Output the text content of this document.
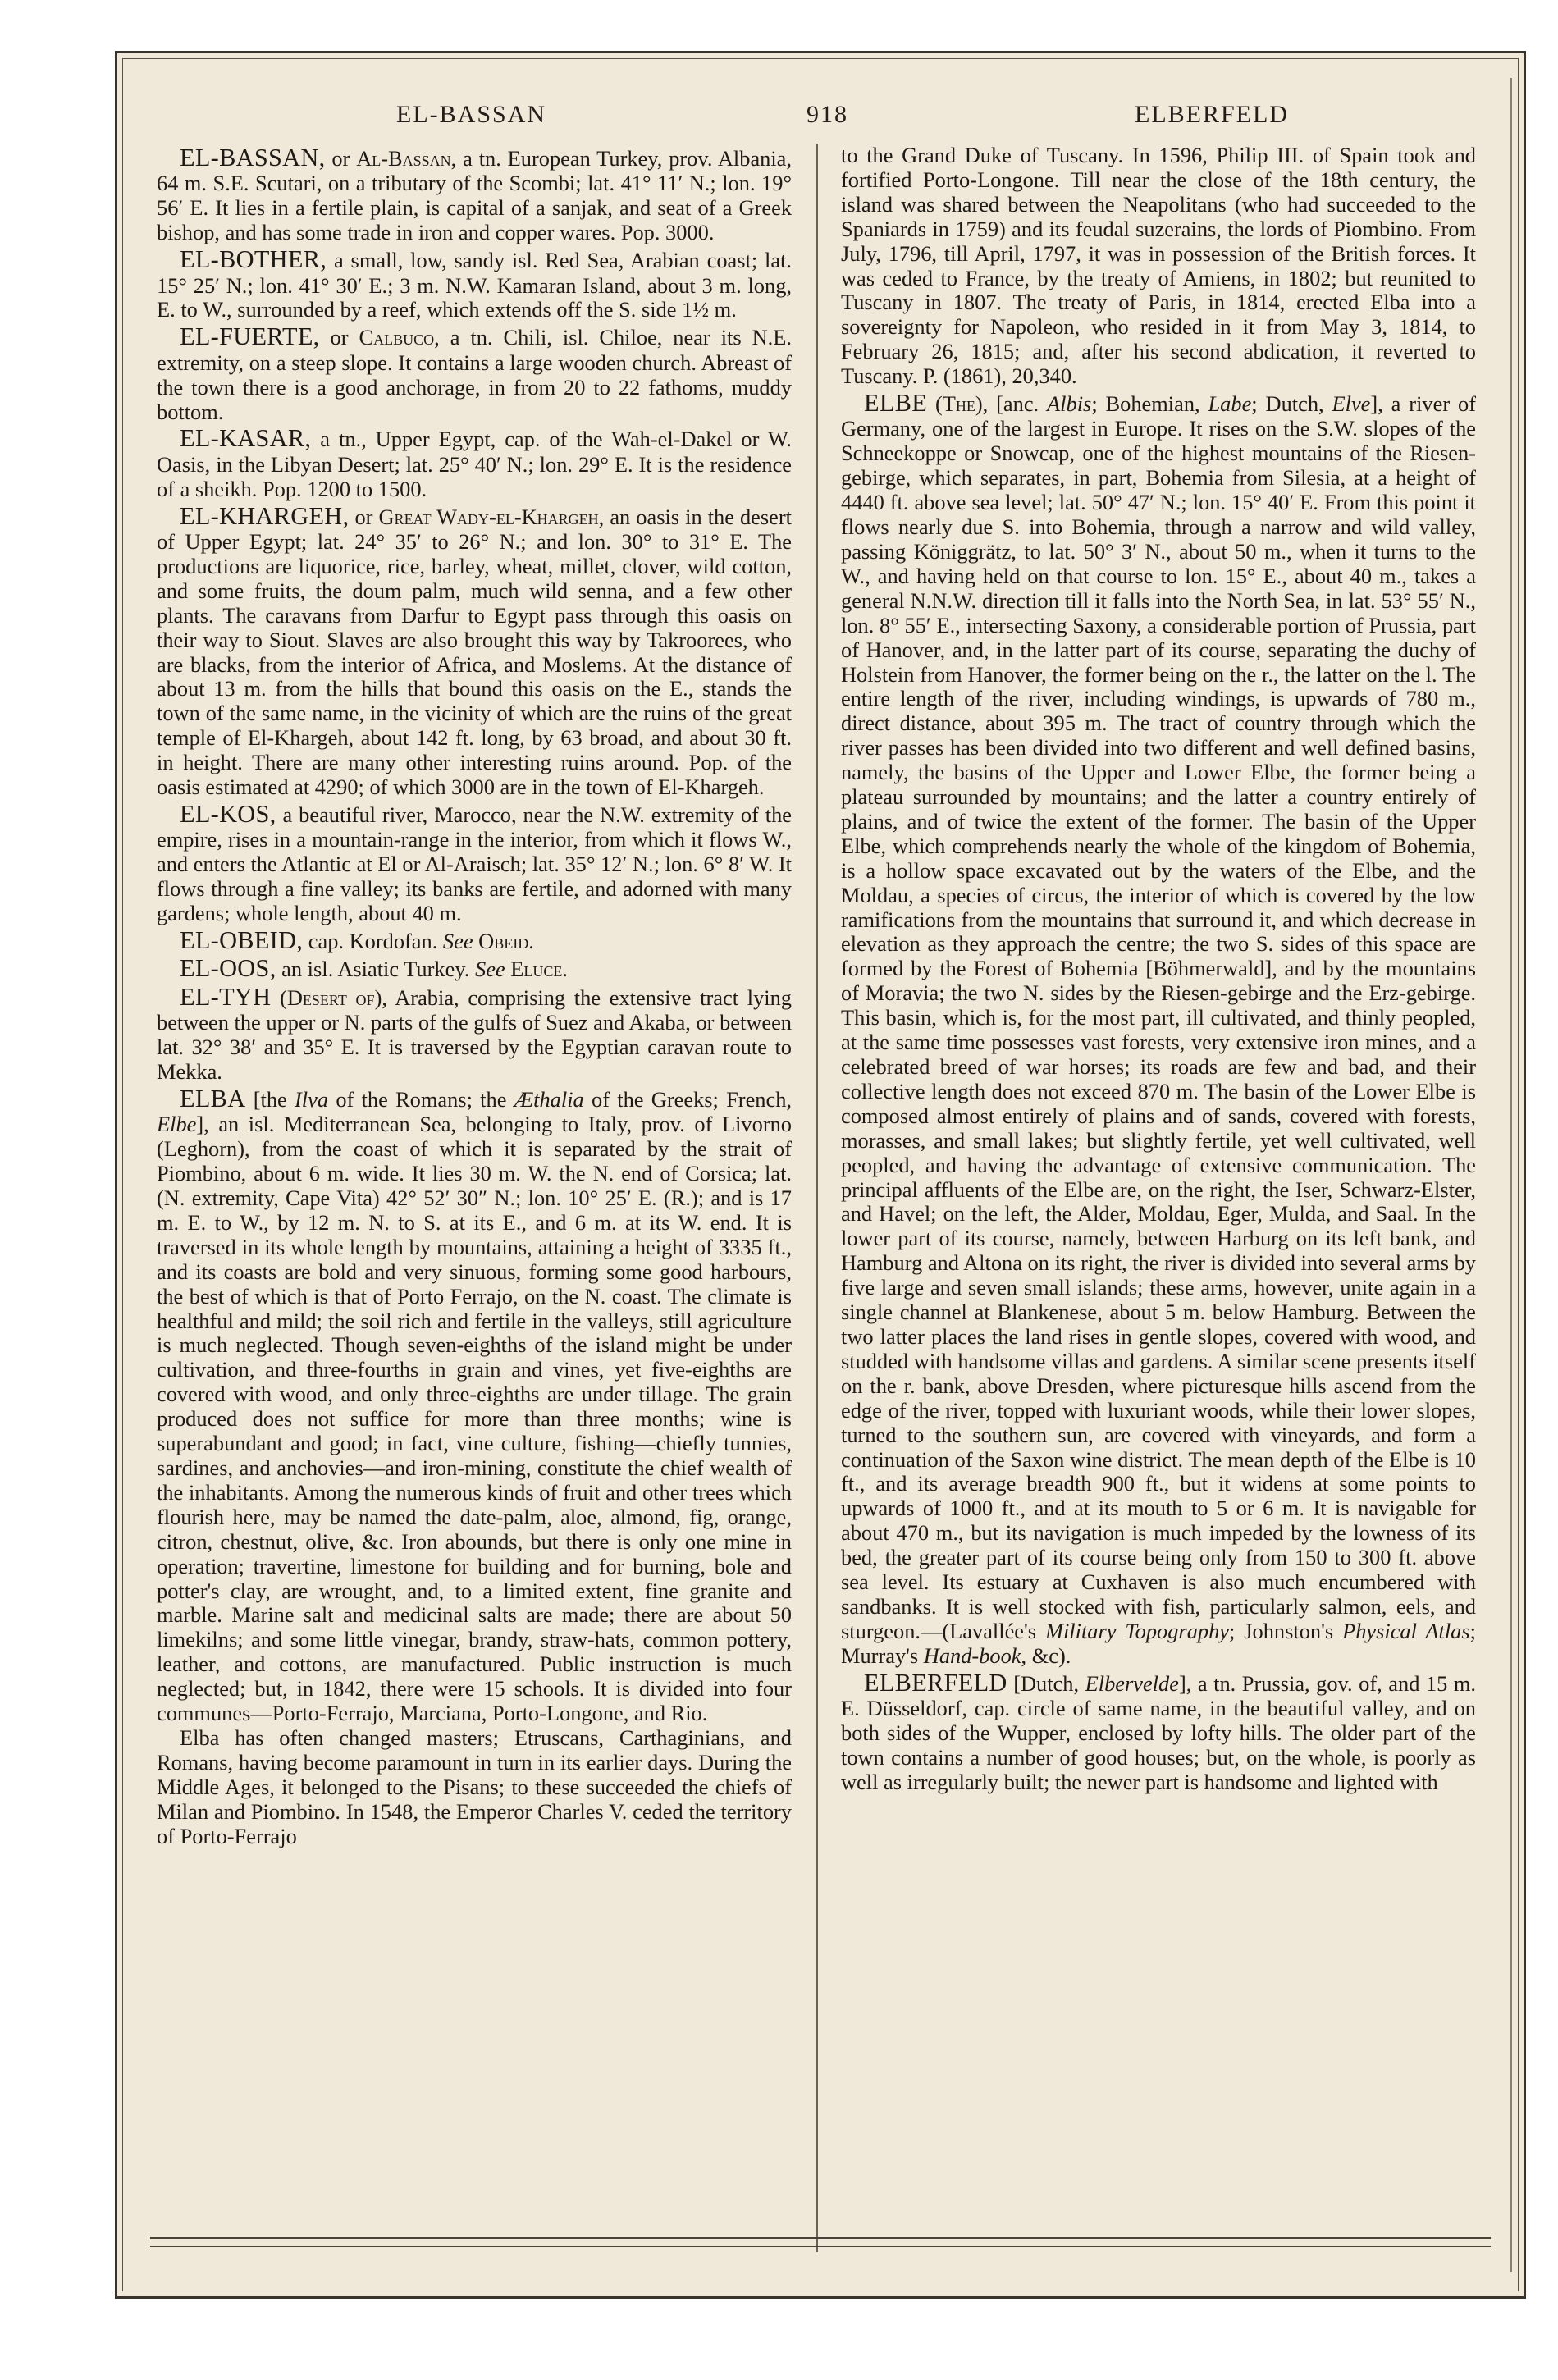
EL-BASSAN	918	ELBERFELD

EL-BASSAN, or Al-Bassan, a tn. European Turkey, prov. Albania, 64 m. S.E. Scutari, on a tributary of the Scombi; lat. 41° 11′ N.; lon. 19° 56′ E. It lies in a fertile plain, is capital of a sanjak, and seat of a Greek bishop, and has some trade in iron and copper wares. Pop. 3000.

EL-BOTHER, a small, low, sandy isl. Red Sea, Arabian coast; lat. 15° 25′ N.; lon. 41° 30′ E.; 3 m. N.W. Kamaran Island, about 3 m. long, E. to W., surrounded by a reef, which extends off the S. side 1½ m.

EL-FUERTE, or Calbuco, a tn. Chili, isl. Chiloe, near its N.E. extremity, on a steep slope. It contains a large wooden church. Abreast of the town there is a good anchorage, in from 20 to 22 fathoms, muddy bottom.

EL-KASAR, a tn., Upper Egypt, cap. of the Wah-el-Dakel or W. Oasis, in the Libyan Desert; lat. 25° 40′ N.; lon. 29° E. It is the residence of a sheikh. Pop. 1200 to 1500.

EL-KHARGEH, or Great Wady-el-Khargeh, an oasis in the desert of Upper Egypt; lat. 24° 35′ to 26° N.; and lon. 30° to 31° E. The productions are liquorice, rice, barley, wheat, millet, clover, wild cotton, and some fruits, the doum palm, much wild senna, and a few other plants. The caravans from Darfur to Egypt pass through this oasis on their way to Siout. Slaves are also brought this way by Takroorees, who are blacks, from the interior of Africa, and Moslems. At the distance of about 13 m. from the hills that bound this oasis on the E., stands the town of the same name, in the vicinity of which are the ruins of the great temple of El-Khargeh, about 142 ft. long, by 63 broad, and about 30 ft. in height. There are many other interesting ruins around. Pop. of the oasis estimated at 4290; of which 3000 are in the town of El-Khargeh.

EL-KOS, a beautiful river, Marocco, near the N.W. extremity of the empire, rises in a mountain-range in the interior, from which it flows W., and enters the Atlantic at El or Al-Araisch; lat. 35° 12′ N.; lon. 6° 8′ W. It flows through a fine valley; its banks are fertile, and adorned with many gardens; whole length, about 40 m.

EL-OBEID, cap. Kordofan. See Obeid.

EL-OOS, an isl. Asiatic Turkey. See Eluce.

EL-TYH (Desert of), Arabia, comprising the extensive tract lying between the upper or N. parts of the gulfs of Suez and Akaba, or between lat. 32° 38′ and 35° E. It is traversed by the Egyptian caravan route to Mekka.

ELBA [the Ilva of the Romans; the Æthalia of the Greeks; French, Elbe], an isl. Mediterranean Sea, belonging to Italy, prov. of Livorno (Leghorn), from the coast of which it is separated by the strait of Piombino, about 6 m. wide. It lies 30 m. W. the N. end of Corsica; lat. (N. extremity, Cape Vita) 42° 52′ 30″ N.; lon. 10° 25′ E. (R.); and is 17 m. E. to W., by 12 m. N. to S. at its E., and 6 m. at its W. end. It is traversed in its whole length by mountains, attaining a height of 3335 ft., and its coasts are bold and very sinuous, forming some good harbours, the best of which is that of Porto Ferrajo, on the N. coast. The climate is healthful and mild; the soil rich and fertile in the valleys, still agriculture is much neglected. Though seven-eighths of the island might be under cultivation, and three-fourths in grain and vines, yet five-eighths are covered with wood, and only three-eighths are under tillage. The grain produced does not suffice for more than three months; wine is superabundant and good; in fact, vine culture, fishing—chiefly tunnies, sardines, and anchovies—and iron-mining, constitute the chief wealth of the inhabitants. Among the numerous kinds of fruit and other trees which flourish here, may be named the date-palm, aloe, almond, fig, orange, citron, chestnut, olive, &c. Iron abounds, but there is only one mine in operation; travertine, limestone for building and for burning, bole and potter's clay, are wrought, and, to a limited extent, fine granite and marble. Marine salt and medicinal salts are made; there are about 50 limekilns; and some little vinegar, brandy, straw-hats, common pottery, leather, and cottons, are manufactured. Public instruction is much neglected; but, in 1842, there were 15 schools. It is divided into four communes—Porto-Ferrajo, Marciana, Porto-Longone, and Rio.

Elba has often changed masters; Etruscans, Carthaginians, and Romans, having become paramount in turn in its earlier days. During the Middle Ages, it belonged to the Pisans; to these succeeded the chiefs of Milan and Piombino. In 1548, the Emperor Charles V. ceded the territory of Porto-Ferrajo

to the Grand Duke of Tuscany. In 1596, Philip III. of Spain took and fortified Porto-Longone. Till near the close of the 18th century, the island was shared between the Neapolitans (who had succeeded to the Spaniards in 1759) and its feudal suzerains, the lords of Piombino. From July, 1796, till April, 1797, it was in possession of the British forces. It was ceded to France, by the treaty of Amiens, in 1802; but reunited to Tuscany in 1807. The treaty of Paris, in 1814, erected Elba into a sovereignty for Napoleon, who resided in it from May 3, 1814, to February 26, 1815; and, after his second abdication, it reverted to Tuscany. P. (1861), 20,340.

ELBE (The), [anc. Albis; Bohemian, Labe; Dutch, Elve], a river of Germany, one of the largest in Europe. It rises on the S.W. slopes of the Schneekoppe or Snowcap, one of the highest mountains of the Riesen-gebirge, which separates, in part, Bohemia from Silesia, at a height of 4440 ft. above sea level; lat. 50° 47′ N.; lon. 15° 40′ E. From this point it flows nearly due S. into Bohemia, through a narrow and wild valley, passing Königgrätz, to lat. 50° 3′ N., about 50 m., when it turns to the W., and having held on that course to lon. 15° E., about 40 m., takes a general N.N.W. direction till it falls into the North Sea, in lat. 53° 55′ N., lon. 8° 55′ E., intersecting Saxony, a considerable portion of Prussia, part of Hanover, and, in the latter part of its course, separating the duchy of Holstein from Hanover, the former being on the r., the latter on the l. The entire length of the river, including windings, is upwards of 780 m., direct distance, about 395 m. The tract of country through which the river passes has been divided into two different and well defined basins, namely, the basins of the Upper and Lower Elbe, the former being a plateau surrounded by mountains; and the latter a country entirely of plains, and of twice the extent of the former. The basin of the Upper Elbe, which comprehends nearly the whole of the kingdom of Bohemia, is a hollow space excavated out by the waters of the Elbe, and the Moldau, a species of circus, the interior of which is covered by the low ramifications from the mountains that surround it, and which decrease in elevation as they approach the centre; the two S. sides of this space are formed by the Forest of Bohemia [Böhmerwald], and by the mountains of Moravia; the two N. sides by the Riesen-gebirge and the Erz-gebirge. This basin, which is, for the most part, ill cultivated, and thinly peopled, at the same time possesses vast forests, very extensive iron mines, and a celebrated breed of war horses; its roads are few and bad, and their collective length does not exceed 870 m. The basin of the Lower Elbe is composed almost entirely of plains and of sands, covered with forests, morasses, and small lakes; but slightly fertile, yet well cultivated, well peopled, and having the advantage of extensive communication. The principal affluents of the Elbe are, on the right, the Iser, Schwarz-Elster, and Havel; on the left, the Alder, Moldau, Eger, Mulda, and Saal. In the lower part of its course, namely, between Harburg on its left bank, and Hamburg and Altona on its right, the river is divided into several arms by five large and seven small islands; these arms, however, unite again in a single channel at Blankenese, about 5 m. below Hamburg. Between the two latter places the land rises in gentle slopes, covered with wood, and studded with handsome villas and gardens. A similar scene presents itself on the r. bank, above Dresden, where picturesque hills ascend from the edge of the river, topped with luxuriant woods, while their lower slopes, turned to the southern sun, are covered with vineyards, and form a continuation of the Saxon wine district. The mean depth of the Elbe is 10 ft., and its average breadth 900 ft., but it widens at some points to upwards of 1000 ft., and at its mouth to 5 or 6 m. It is navigable for about 470 m., but its navigation is much impeded by the lowness of its bed, the greater part of its course being only from 150 to 300 ft. above sea level. Its estuary at Cuxhaven is also much encumbered with sandbanks. It is well stocked with fish, particularly salmon, eels, and sturgeon.—(Lavallée's Military Topography; Johnston's Physical Atlas; Murray's Hand-book, &c).

ELBERFELD [Dutch, Elbervelde], a tn. Prussia, gov. of, and 15 m. E. Düsseldorf, cap. circle of same name, in the beautiful valley, and on both sides of the Wupper, enclosed by lofty hills. The older part of the town contains a number of good houses; but, on the whole, is poorly as well as irregularly built; the newer part is handsome and lighted with
